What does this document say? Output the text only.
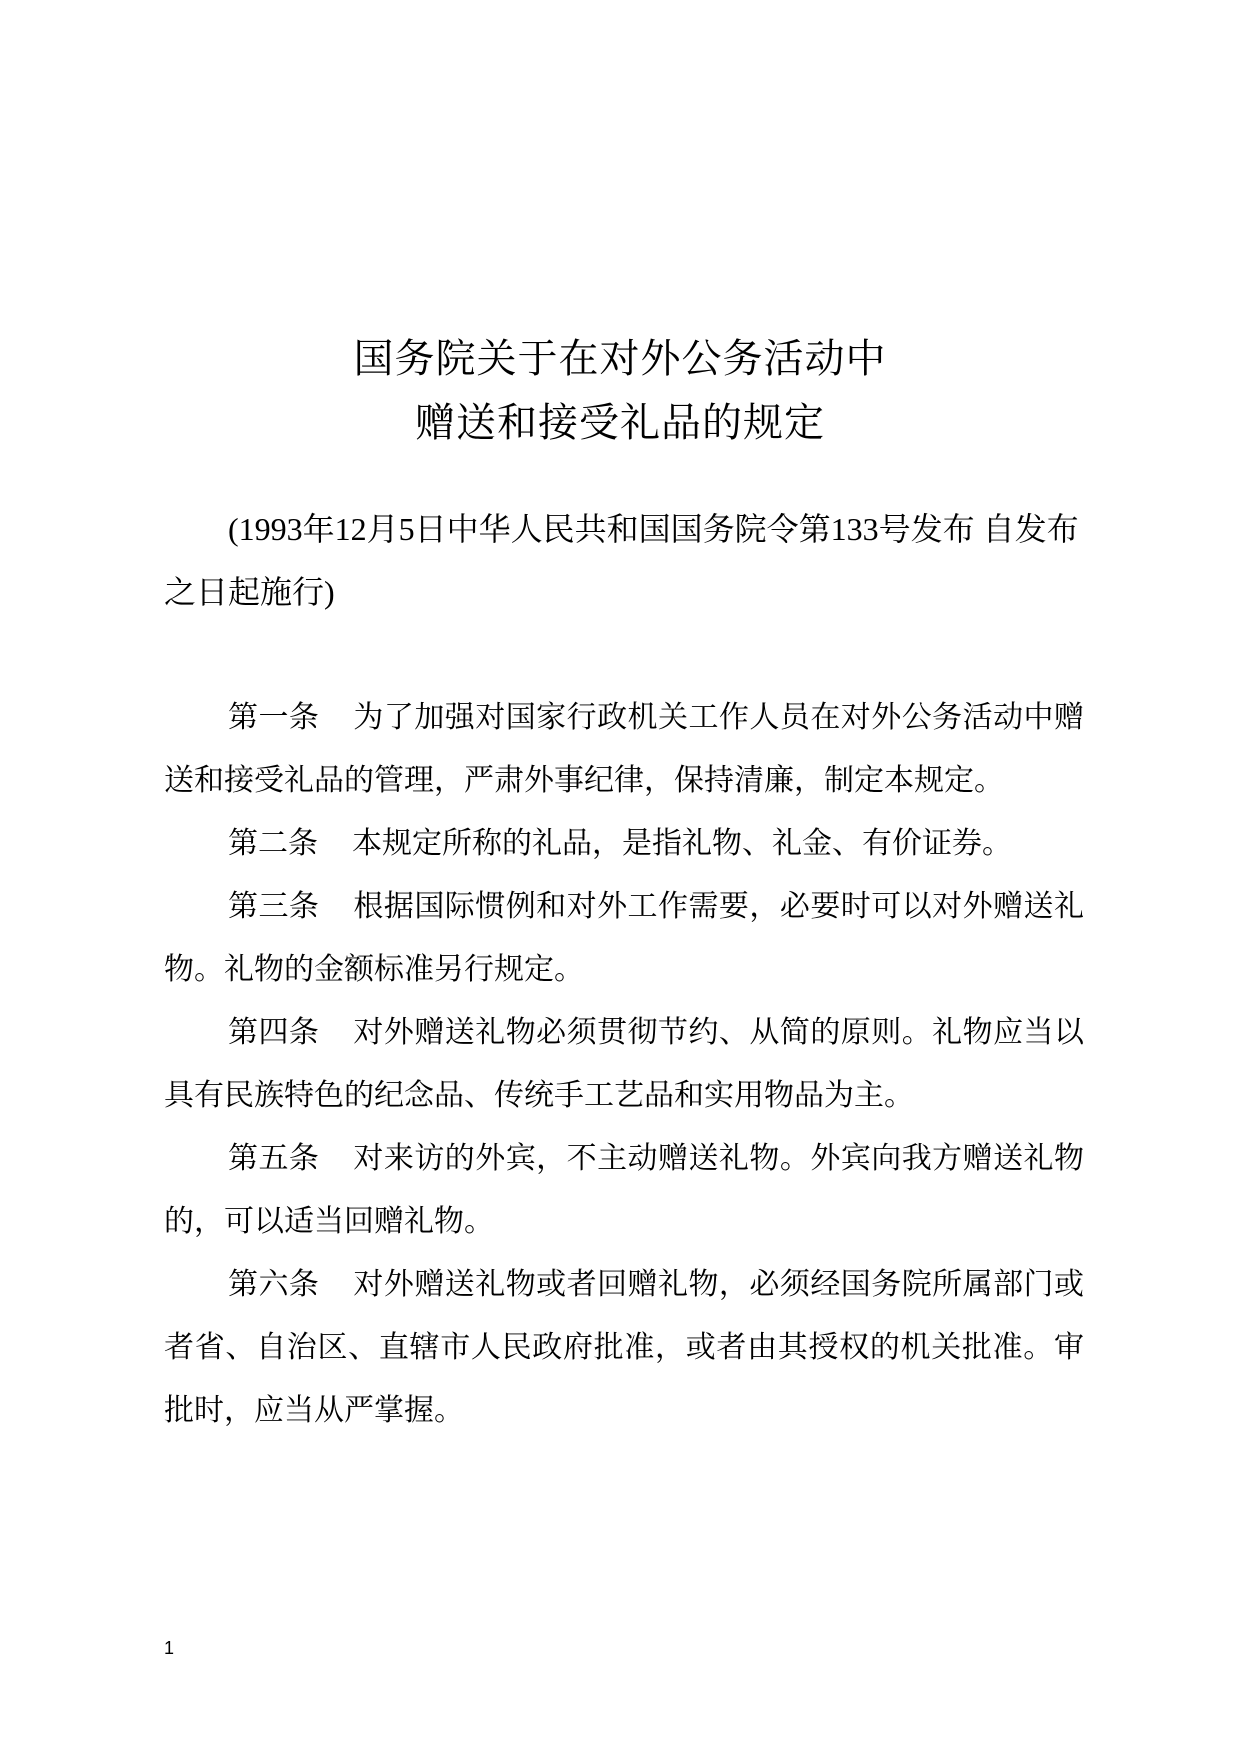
国务院关于在对外公务活动中
赠送和接受礼品的规定

(1993年12月5日中华人民共和国国务院令第133号发布 自发布之日起施行)

第一条 为了加强对国家行政机关工作人员在对外公务活动中赠送和接受礼品的管理，严肃外事纪律，保持清廉，制定本规定。

第二条 本规定所称的礼品，是指礼物、礼金、有价证券。

第三条 根据国际惯例和对外工作需要，必要时可以对外赠送礼物。礼物的金额标准另行规定。

第四条 对外赠送礼物必须贯彻节约、从简的原则。礼物应当以具有民族特色的纪念品、传统手工艺品和实用物品为主。

第五条 对来访的外宾，不主动赠送礼物。外宾向我方赠送礼物的，可以适当回赠礼物。

第六条 对外赠送礼物或者回赠礼物，必须经国务院所属部门或者省、自治区、直辖市人民政府批准，或者由其授权的机关批准。审批时，应当从严掌握。

1
